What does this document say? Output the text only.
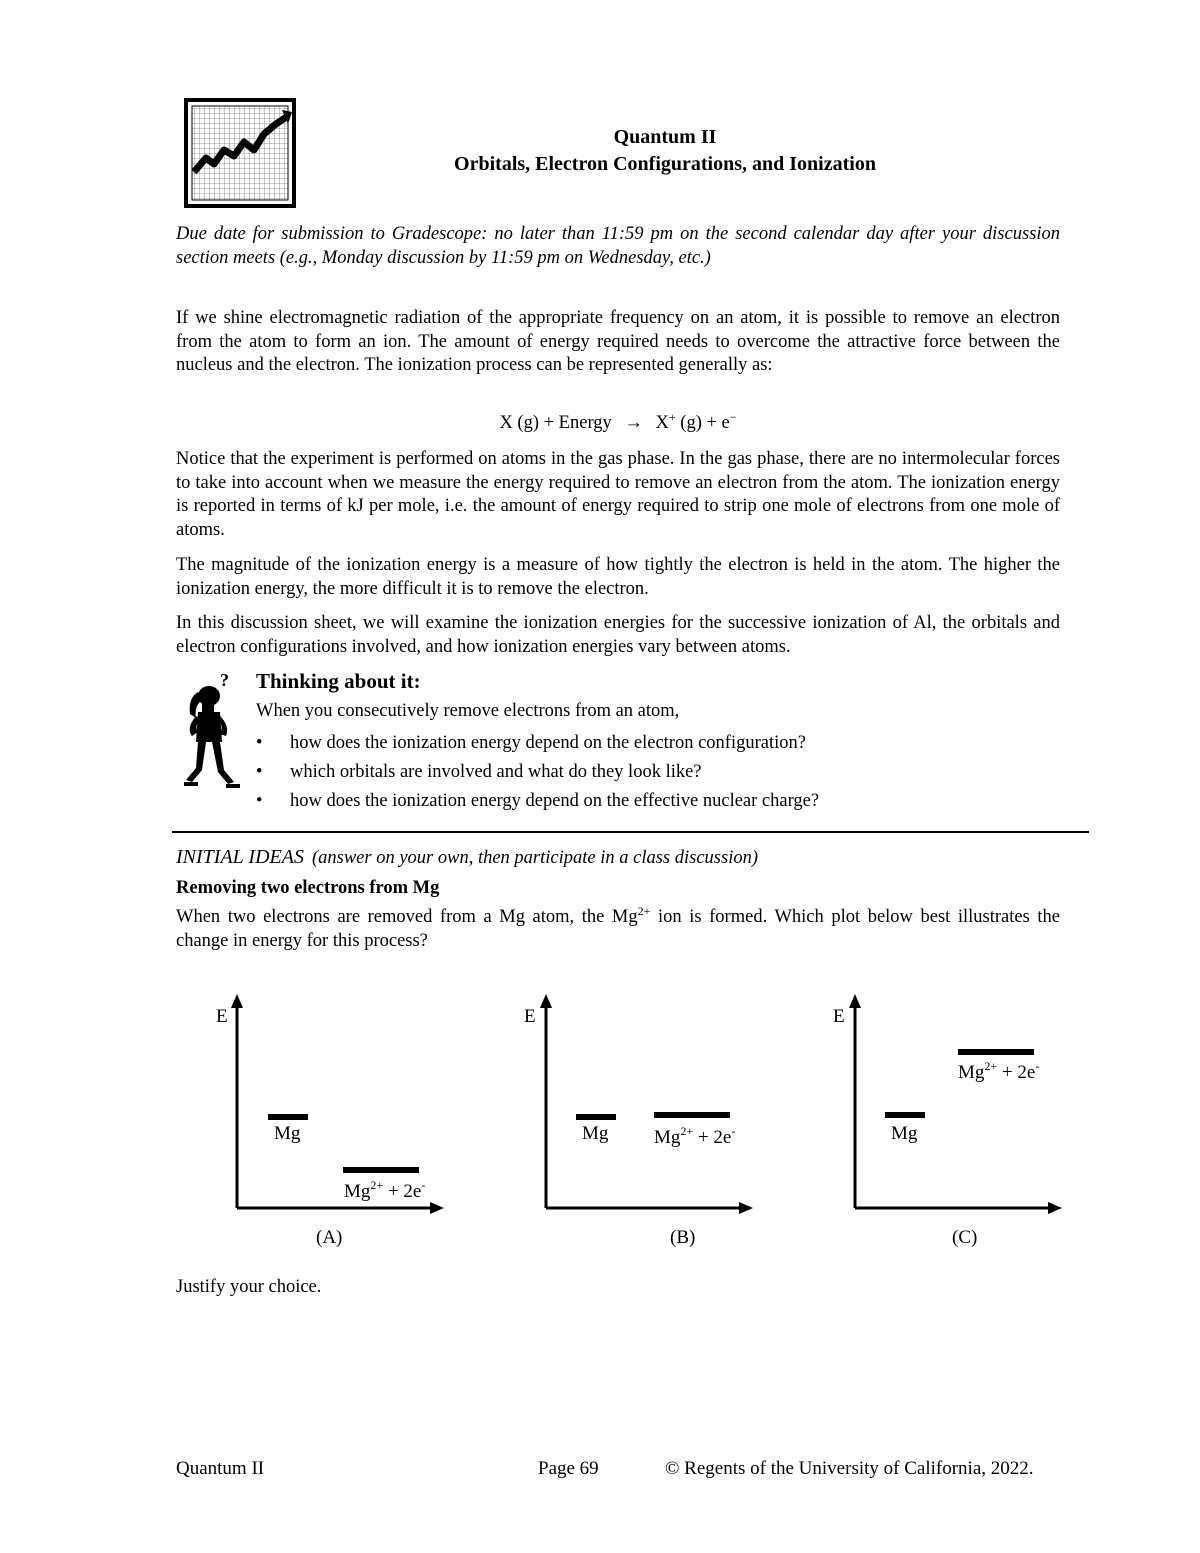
Quantum II
Orbitals, Electron Configurations, and Ionization
Due date for submission to Gradescope: no later than 11:59 pm on the second calendar day after your discussion section meets (e.g., Monday discussion by 11:59 pm on Wednesday, etc.)
If we shine electromagnetic radiation of the appropriate frequency on an atom, it is possible to remove an electron from the atom to form an ion. The amount of energy required needs to overcome the attractive force between the nucleus and the electron. The ionization process can be represented generally as:
X (g) + Energy → X+ (g) + e−
Notice that the experiment is performed on atoms in the gas phase. In the gas phase, there are no intermolecular forces to take into account when we measure the energy required to remove an electron from the atom. The ionization energy is reported in terms of kJ per mole, i.e. the amount of energy required to strip one mole of electrons from one mole of atoms.
The magnitude of the ionization energy is a measure of how tightly the electron is held in the atom. The higher the ionization energy, the more difficult it is to remove the electron.
In this discussion sheet, we will examine the ionization energies for the successive ionization of Al, the orbitals and electron configurations involved, and how ionization energies vary between atoms.
? Thinking about it:
When you consecutively remove electrons from an atom,
• how does the ionization energy depend on the electron configuration?
• which orbitals are involved and what do they look like?
• how does the ionization energy depend on the effective nuclear charge?
INITIAL IDEAS (answer on your own, then participate in a class discussion)
Removing two electrons from Mg
When two electrons are removed from a Mg atom, the $Mg^{2+}$ ion is formed. Which plot below best illustrates the change in energy for this process?
E
Mg
$Mg^{2+} + 2e^-$
(A)
E
Mg $Mg^{2+} + 2e^-$
(B)
E
Mg
$Mg^{2+} + 2e^-$
(C)
Justify your choice.
Quantum II	Page 69	© Regents of the University of California, 2022.
